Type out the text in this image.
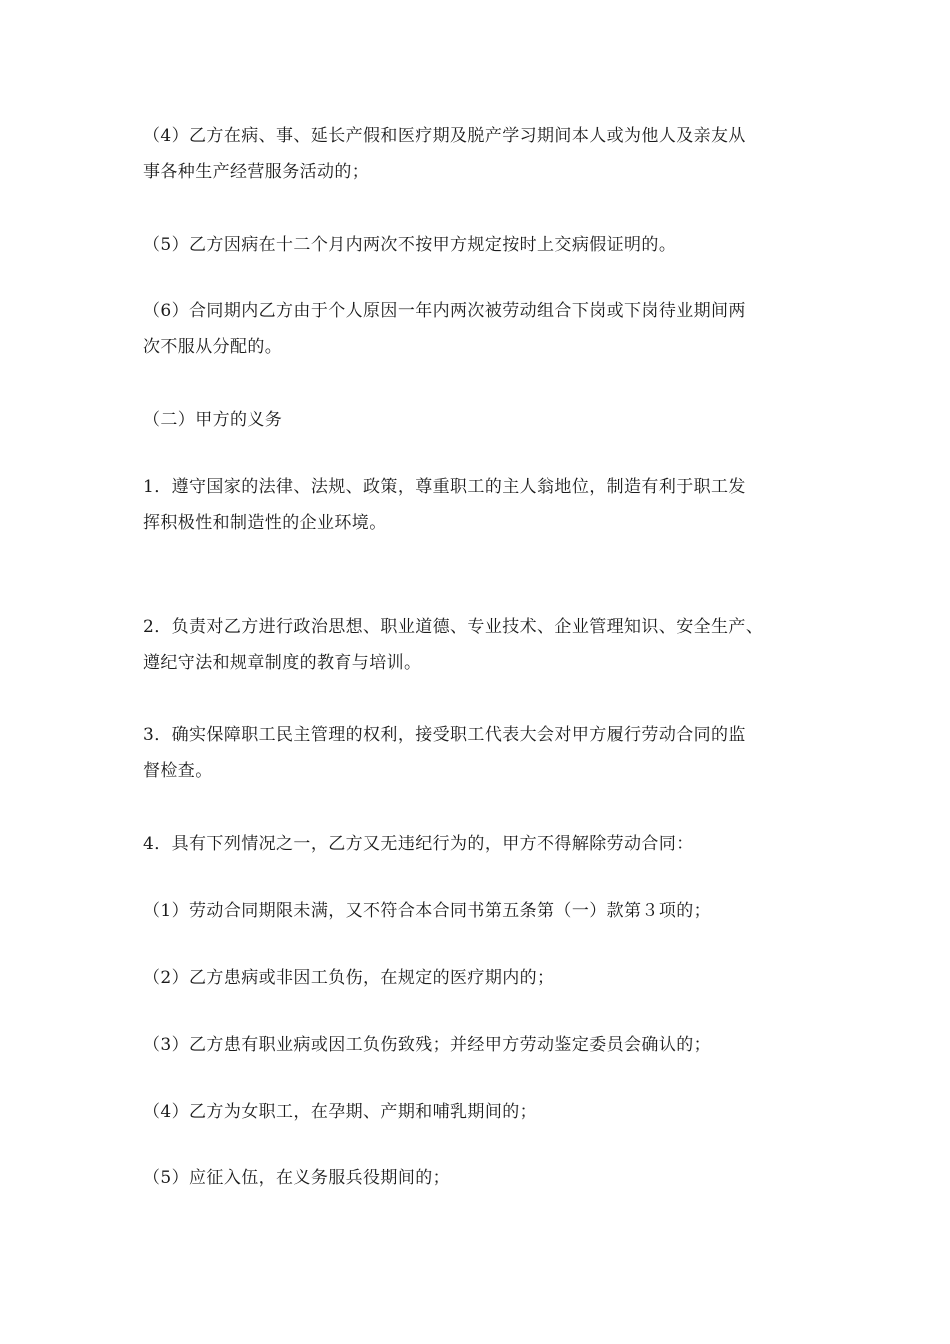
（4）乙方在病、事、延长产假和医疗期及脱产学习期间本人或为他人及亲友从
事各种生产经营服务活动的；
（5）乙方因病在十二个月内两次不按甲方规定按时上交病假证明的。
（6）合同期内乙方由于个人原因一年内两次被劳动组合下岗或下岗待业期间两
次不服从分配的。
（二）甲方的义务
1．遵守国家的法律、法规、政策，尊重职工的主人翁地位，制造有利于职工发
挥积极性和制造性的企业环境。
2．负责对乙方进行政治思想、职业道德、专业技术、企业管理知识、安全生产、
遵纪守法和规章制度的教育与培训。
3．确实保障职工民主管理的权利，接受职工代表大会对甲方履行劳动合同的监
督检查。
4．具有下列情况之一，乙方又无违纪行为的，甲方不得解除劳动合同：
（1）劳动合同期限未满，又不符合本合同书第五条第（一）款第３项的；
（2）乙方患病或非因工负伤，在规定的医疗期内的；
（3）乙方患有职业病或因工负伤致残；并经甲方劳动鉴定委员会确认的；
（4）乙方为女职工，在孕期、产期和哺乳期间的；
（5）应征入伍，在义务服兵役期间的；
